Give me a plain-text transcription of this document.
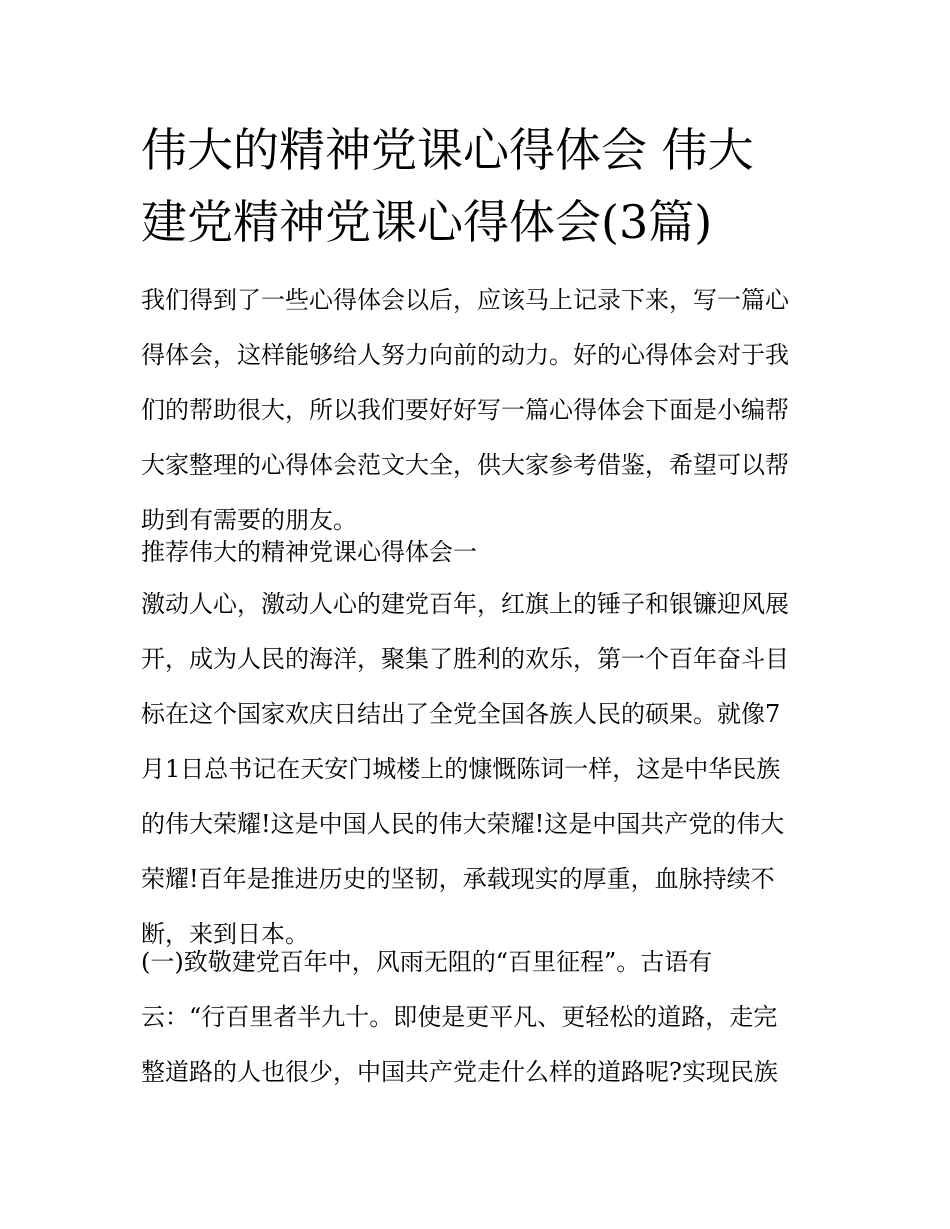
伟大的精神党课心得体会 伟大
建党精神党课心得体会(3篇)
我们得到了一些心得体会以后，应该马上记录下来，写一篇心
得体会，这样能够给人努力向前的动力。好的心得体会对于我
们的帮助很大，所以我们要好好写一篇心得体会下面是小编帮
大家整理的心得体会范文大全，供大家参考借鉴，希望可以帮
助到有需要的朋友。
推荐伟大的精神党课心得体会一
激动人心，激动人心的建党百年，红旗上的锤子和银镰迎风展
开，成为人民的海洋，聚集了胜利的欢乐，第一个百年奋斗目
标在这个国家欢庆日结出了全党全国各族人民的硕果。就像7
月1日总书记在天安门城楼上的慷慨陈词一样，这是中华民族
的伟大荣耀!这是中国人民的伟大荣耀!这是中国共产党的伟大
荣耀!百年是推进历史的坚韧，承载现实的厚重，血脉持续不
断，来到日本。
(一)致敬建党百年中，风雨无阻的“百里征程”。古语有
云：“行百里者半九十。即使是更平凡、更轻松的道路，走完
整道路的人也很少，中国共产党走什么样的道路呢?实现民族
